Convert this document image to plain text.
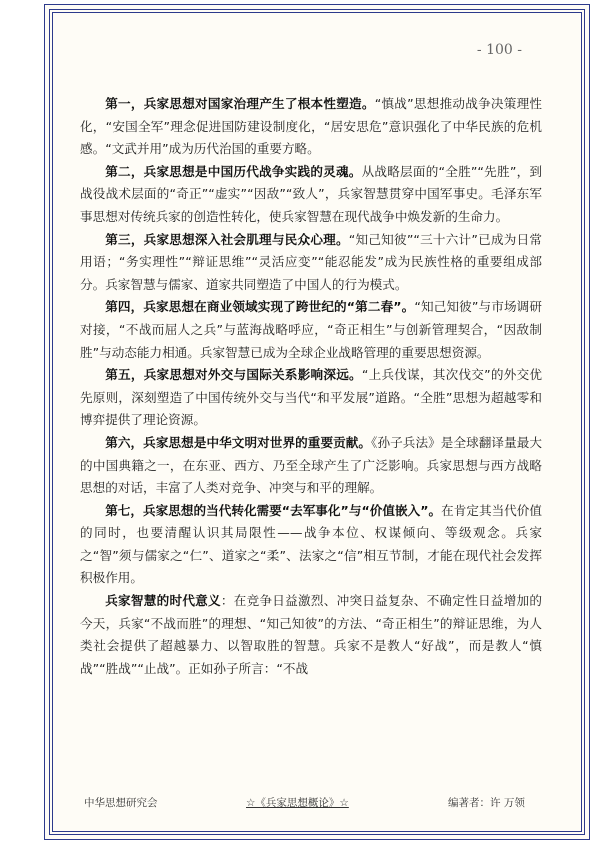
- 100 -

第一，兵家思想对国家治理产生了根本性塑造。“慎战”思想推动战争决策理性化，“安国全军”理念促进国防建设制度化，“居安思危”意识强化了中华民族的危机感。“文武并用”成为历代治国的重要方略。

第二，兵家思想是中国历代战争实践的灵魂。从战略层面的“全胜”“先胜”，到战役战术层面的“奇正”“虚实”“因敌”“致人”，兵家智慧贯穿中国军事史。毛泽东军事思想对传统兵家的创造性转化，使兵家智慧在现代战争中焕发新的生命力。

第三，兵家思想深入社会肌理与民众心理。“知己知彼”“三十六计”已成为日常用语；“务实理性”“辩证思维”“灵活应变”“能忍能发”成为民族性格的重要组成部分。兵家智慧与儒家、道家共同塑造了中国人的行为模式。

第四，兵家思想在商业领域实现了跨世纪的“第二春”。“知己知彼”与市场调研对接，“不战而屈人之兵”与蓝海战略呼应，“奇正相生”与创新管理契合，“因敌制胜”与动态能力相通。兵家智慧已成为全球企业战略管理的重要思想资源。

第五，兵家思想对外交与国际关系影响深远。“上兵伐谋，其次伐交”的外交优先原则，深刻塑造了中国传统外交与当代“和平发展”道路。“全胜”思想为超越零和博弈提供了理论资源。

第六，兵家思想是中华文明对世界的重要贡献。《孙子兵法》是全球翻译量最大的中国典籍之一，在东亚、西方、乃至全球产生了广泛影响。兵家思想与西方战略思想的对话，丰富了人类对竞争、冲突与和平的理解。

第七，兵家思想的当代转化需要“去军事化”与“价值嵌入”。在肯定其当代价值的同时，也要清醒认识其局限性——战争本位、权谋倾向、等级观念。兵家之“智”须与儒家之“仁”、道家之“柔”、法家之“信”相互节制，才能在现代社会发挥积极作用。

兵家智慧的时代意义：在竞争日益激烈、冲突日益复杂、不确定性日益增加的今天，兵家“不战而胜”的理想、“知己知彼”的方法、“奇正相生”的辩证思维，为人类社会提供了超越暴力、以智取胜的智慧。兵家不是教人“好战”，而是教人“慎战”“胜战”“止战”。正如孙子所言：“不战

中华思想研究会	☆《兵家思想概论》☆	编著者：许 万领
